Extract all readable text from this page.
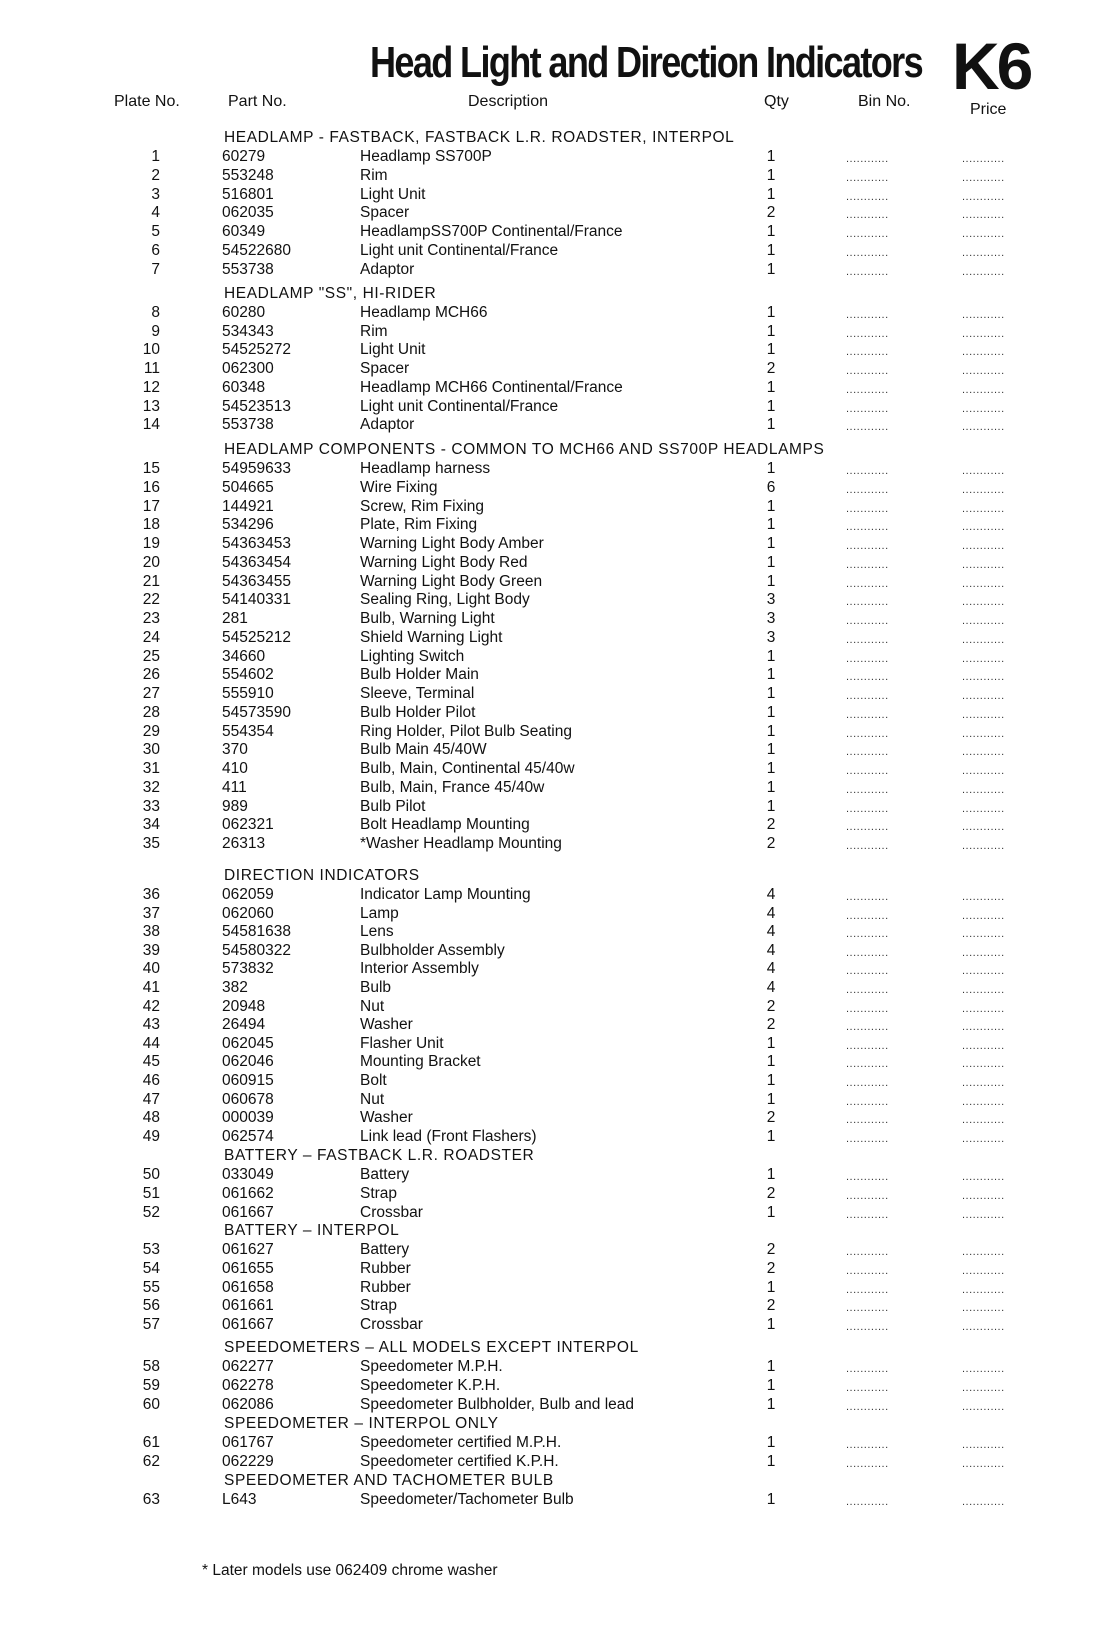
Head Light and Direction Indicators K6
Plate No.	Part No.	Description	Qty	Bin No.	Price
HEADLAMP - FASTBACK, FASTBACK L.R. ROADSTER, INTERPOL
1	60279	Headlamp SS700P	1	............	............
2	553248	Rim	1	............	............
3	516801	Light Unit	1	............	............
4	062035	Spacer	2	............	............
5	60349	HeadlampSS700P Continental/France	1	............	............
6	54522680	Light unit Continental/France	1	............	............
7	553738	Adaptor	1	............	............
HEADLAMP "SS", HI-RIDER
8	60280	Headlamp MCH66	1	............	............
9	534343	Rim	1	............	............
10	54525272	Light Unit	1	............	............
11	062300	Spacer	2	............	............
12	60348	Headlamp MCH66 Continental/France	1	............	............
13	54523513	Light unit Continental/France	1	............	............
14	553738	Adaptor	1	............	............
HEADLAMP COMPONENTS - COMMON TO MCH66 AND SS700P HEADLAMPS
15	54959633	Headlamp harness	1	............	............
16	504665	Wire Fixing	6	............	............
17	144921	Screw, Rim Fixing	1	............	............
18	534296	Plate, Rim Fixing	1	............	............
19	54363453	Warning Light Body Amber	1	............	............
20	54363454	Warning Light Body Red	1	............	............
21	54363455	Warning Light Body Green	1	............	............
22	54140331	Sealing Ring, Light Body	3	............	............
23	281	Bulb, Warning Light	3	............	............
24	54525212	Shield Warning Light	3	............	............
25	34660	Lighting Switch	1	............	............
26	554602	Bulb Holder Main	1	............	............
27	555910	Sleeve, Terminal	1	............	............
28	54573590	Bulb Holder Pilot	1	............	............
29	554354	Ring Holder, Pilot Bulb Seating	1	............	............
30	370	Bulb Main 45/40W	1	............	............
31	410	Bulb, Main, Continental 45/40w	1	............	............
32	411	Bulb, Main, France 45/40w	1	............	............
33	989	Bulb Pilot	1	............	............
34	062321	Bolt Headlamp Mounting	2	............	............
35	26313	*Washer Headlamp Mounting	2	............	............
DIRECTION INDICATORS
36	062059	Indicator Lamp Mounting	4	............	............
37	062060	Lamp	4	............	............
38	54581638	Lens	4	............	............
39	54580322	Bulbholder Assembly	4	............	............
40	573832	Interior Assembly	4	............	............
41	382	Bulb	4	............	............
42	20948	Nut	2	............	............
43	26494	Washer	2	............	............
44	062045	Flasher Unit	1	............	............
45	062046	Mounting Bracket	1	............	............
46	060915	Bolt	1	............	............
47	060678	Nut	1	............	............
48	000039	Washer	2	............	............
49	062574	Link lead (Front Flashers)	1	............	............
BATTERY – FASTBACK L.R. ROADSTER
50	033049	Battery	1	............	............
51	061662	Strap	2	............	............
52	061667	Crossbar	1	............	............
BATTERY – INTERPOL
53	061627	Battery	2	............	............
54	061655	Rubber	2	............	............
55	061658	Rubber	1	............	............
56	061661	Strap	2	............	............
57	061667	Crossbar	1	............	............
SPEEDOMETERS – ALL MODELS EXCEPT INTERPOL
58	062277	Speedometer M.P.H.	1	............	............
59	062278	Speedometer K.P.H.	1	............	............
60	062086	Speedometer Bulbholder, Bulb and lead	1	............	............
SPEEDOMETER – INTERPOL ONLY
61	061767	Speedometer certified M.P.H.	1	............	............
62	062229	Speedometer certified K.P.H.	1	............	............
SPEEDOMETER AND TACHOMETER BULB
63	L643	Speedometer/Tachometer Bulb	1	............	............
* Later models use 062409 chrome washer
